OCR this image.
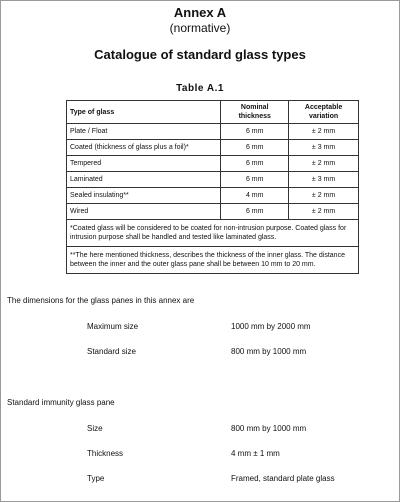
Annex A
(normative)
Catalogue of standard glass types
Table A.1
Type of glass	Nominal thickness	Acceptable variation
Plate / Float	6 mm	± 2 mm
Coated (thickness of glass plus a foil)*	6 mm	± 3 mm
Tempered	6 mm	± 2 mm
Laminated	6 mm	± 3 mm
Sealed insulating**	4 mm	± 2 mm
Wired	6 mm	± 2 mm
*Coated glass will be considered to be coated for non-intrusion purpose. Coated glass for intrusion purpose shall be handled and tested like laminated glass.		
**The here mentioned thickness, describes the thickness of the inner glass. The distance between the inner and the outer glass pane shall be between 10 mm to 20 mm.		
The dimensions for the glass panes in this annex are
Maximum size	1000 mm by 2000 mm
Standard size	800 mm by 1000 mm
Standard immunity glass pane
Size	800 mm by 1000 mm
Thickness	4 mm ± 1 mm
Type	Framed, standard plate glass
